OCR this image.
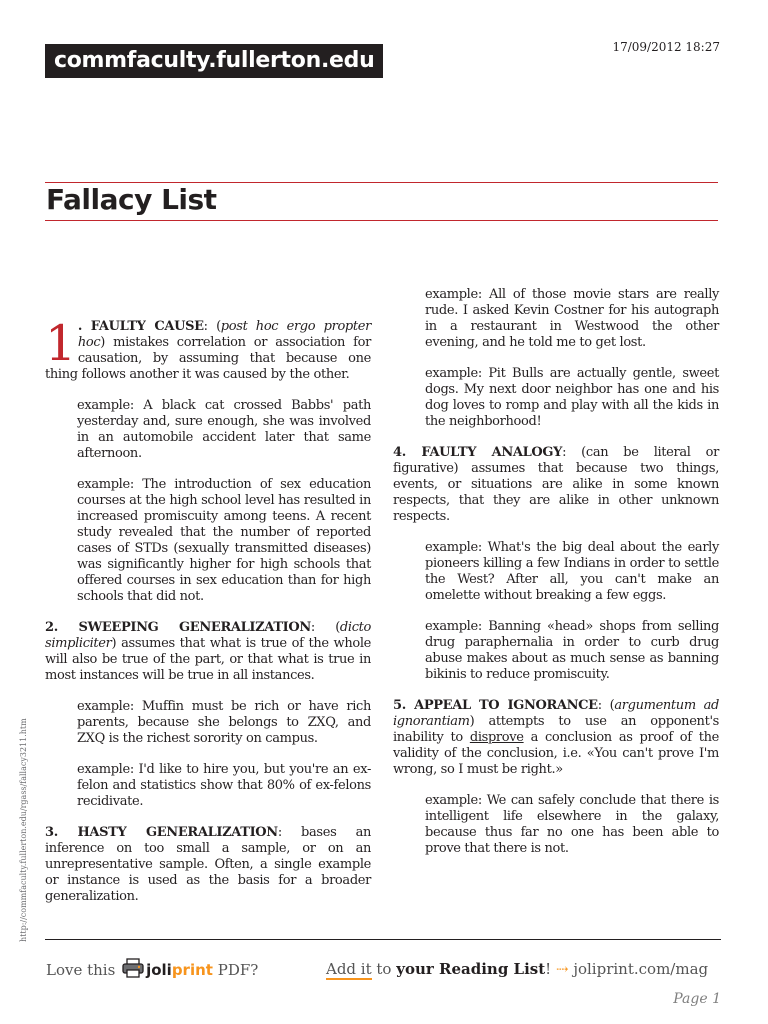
commfaculty.fullerton.edu
17/09/2012 18:27
Fallacy List

1 . FAULTY CAUSE: (post hoc ergo propter hoc) mistakes correlation or association for causation, by assuming that because one thing follows another it was caused by the other.

example: A black cat crossed Babbs' path yesterday and, sure enough, she was involved in an automobile accident later that same afternoon.

example: The introduction of sex education courses at the high school level has resulted in increased promiscuity among teens. A recent study revealed that the number of reported cases of STDs (sexually transmitted diseases) was significantly higher for high schools that offered courses in sex education than for high schools that did not.

2. SWEEPING GENERALIZATION: (dicto simpliciter) assumes that what is true of the whole will also be true of the part, or that what is true in most instances will be true in all instances.

example: Muffin must be rich or have rich parents, because she belongs to ZXQ, and ZXQ is the richest sorority on campus.

example: I'd like to hire you, but you're an ex-felon and statistics show that 80% of ex-felons recidivate.

3. HASTY GENERALIZATION: bases an inference on too small a sample, or on an unrepresentative sample. Often, a single example or instance is used as the basis for a broader generalization.

example: All of those movie stars are really rude. I asked Kevin Costner for his autograph in a restaurant in Westwood the other evening, and he told me to get lost.

example: Pit Bulls are actually gentle, sweet dogs. My next door neighbor has one and his dog loves to romp and play with all the kids in the neighborhood!

4. FAULTY ANALOGY: (can be literal or figurative) assumes that because two things, events, or situations are alike in some known respects, that they are alike in other unknown respects.

example: What's the big deal about the early pioneers killing a few Indians in order to settle the West? After all, you can't make an omelette without breaking a few eggs.

example: Banning «head» shops from selling drug paraphernalia in order to curb drug abuse makes about as much sense as banning bikinis to reduce promiscuity.

5. APPEAL TO IGNORANCE: (argumentum ad ignorantiam) attempts to use an opponent's inability to disprove a conclusion as proof of the validity of the conclusion, i.e. «You can't prove I'm wrong, so I must be right.»

example: We can safely conclude that there is intelligent life elsewhere in the galaxy, because thus far no one has been able to prove that there is not.

http://commfaculty.fullerton.edu/rgass/fallacy3211.htm
Love this joliprint PDF?	Add it to your Reading List! ⇢ joliprint.com/mag
Page 1
